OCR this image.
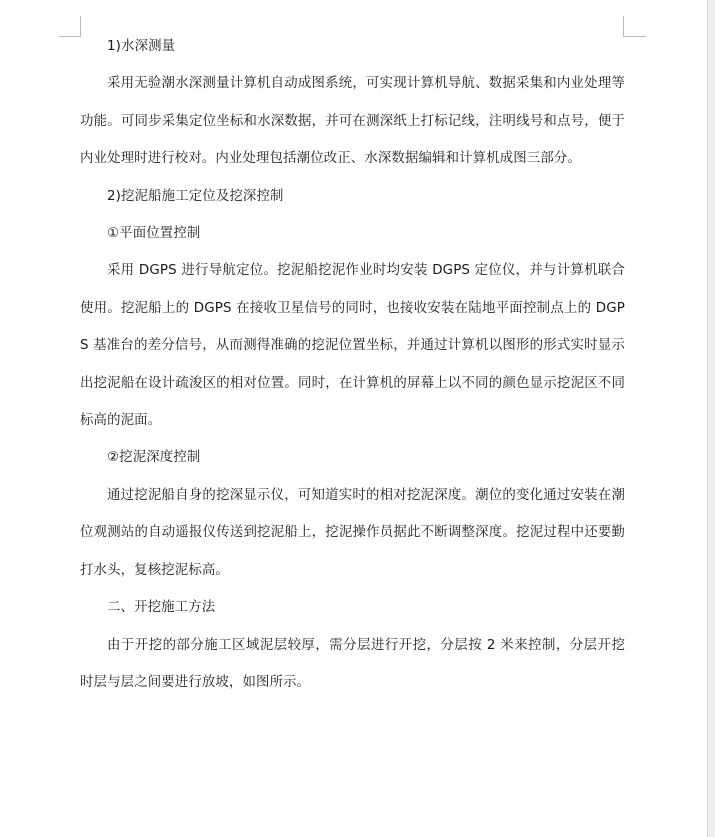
1)水深测量

采用无验潮水深测量计算机自动成图系统，可实现计算机导航、数据采集和内业处理等功能。可同步采集定位坐标和水深数据，并可在测深纸上打标记线，注明线号和点号，便于内业处理时进行校对。内业处理包括潮位改正、水深数据编辑和计算机成图三部分。

2)挖泥船施工定位及挖深控制

①平面位置控制

采用 DGPS 进行导航定位。挖泥船挖泥作业时均安装 DGPS 定位仪，并与计算机联合使用。挖泥船上的 DGPS 在接收卫星信号的同时，也接收安装在陆地平面控制点上的 DGPS 基准台的差分信号，从而测得准确的挖泥位置坐标，并通过计算机以图形的形式实时显示出挖泥船在设计疏浚区的相对位置。同时，在计算机的屏幕上以不同的颜色显示挖泥区不同标高的泥面。

②挖泥深度控制

通过挖泥船自身的挖深显示仪，可知道实时的相对挖泥深度。潮位的变化通过安装在潮位观测站的自动遥报仪传送到挖泥船上，挖泥操作员据此不断调整深度。挖泥过程中还要勤打水头，复核挖泥标高。

二、开挖施工方法

由于开挖的部分施工区域泥层较厚，需分层进行开挖，分层按 2 米来控制，分层开挖时层与层之间要进行放坡，如图所示。
